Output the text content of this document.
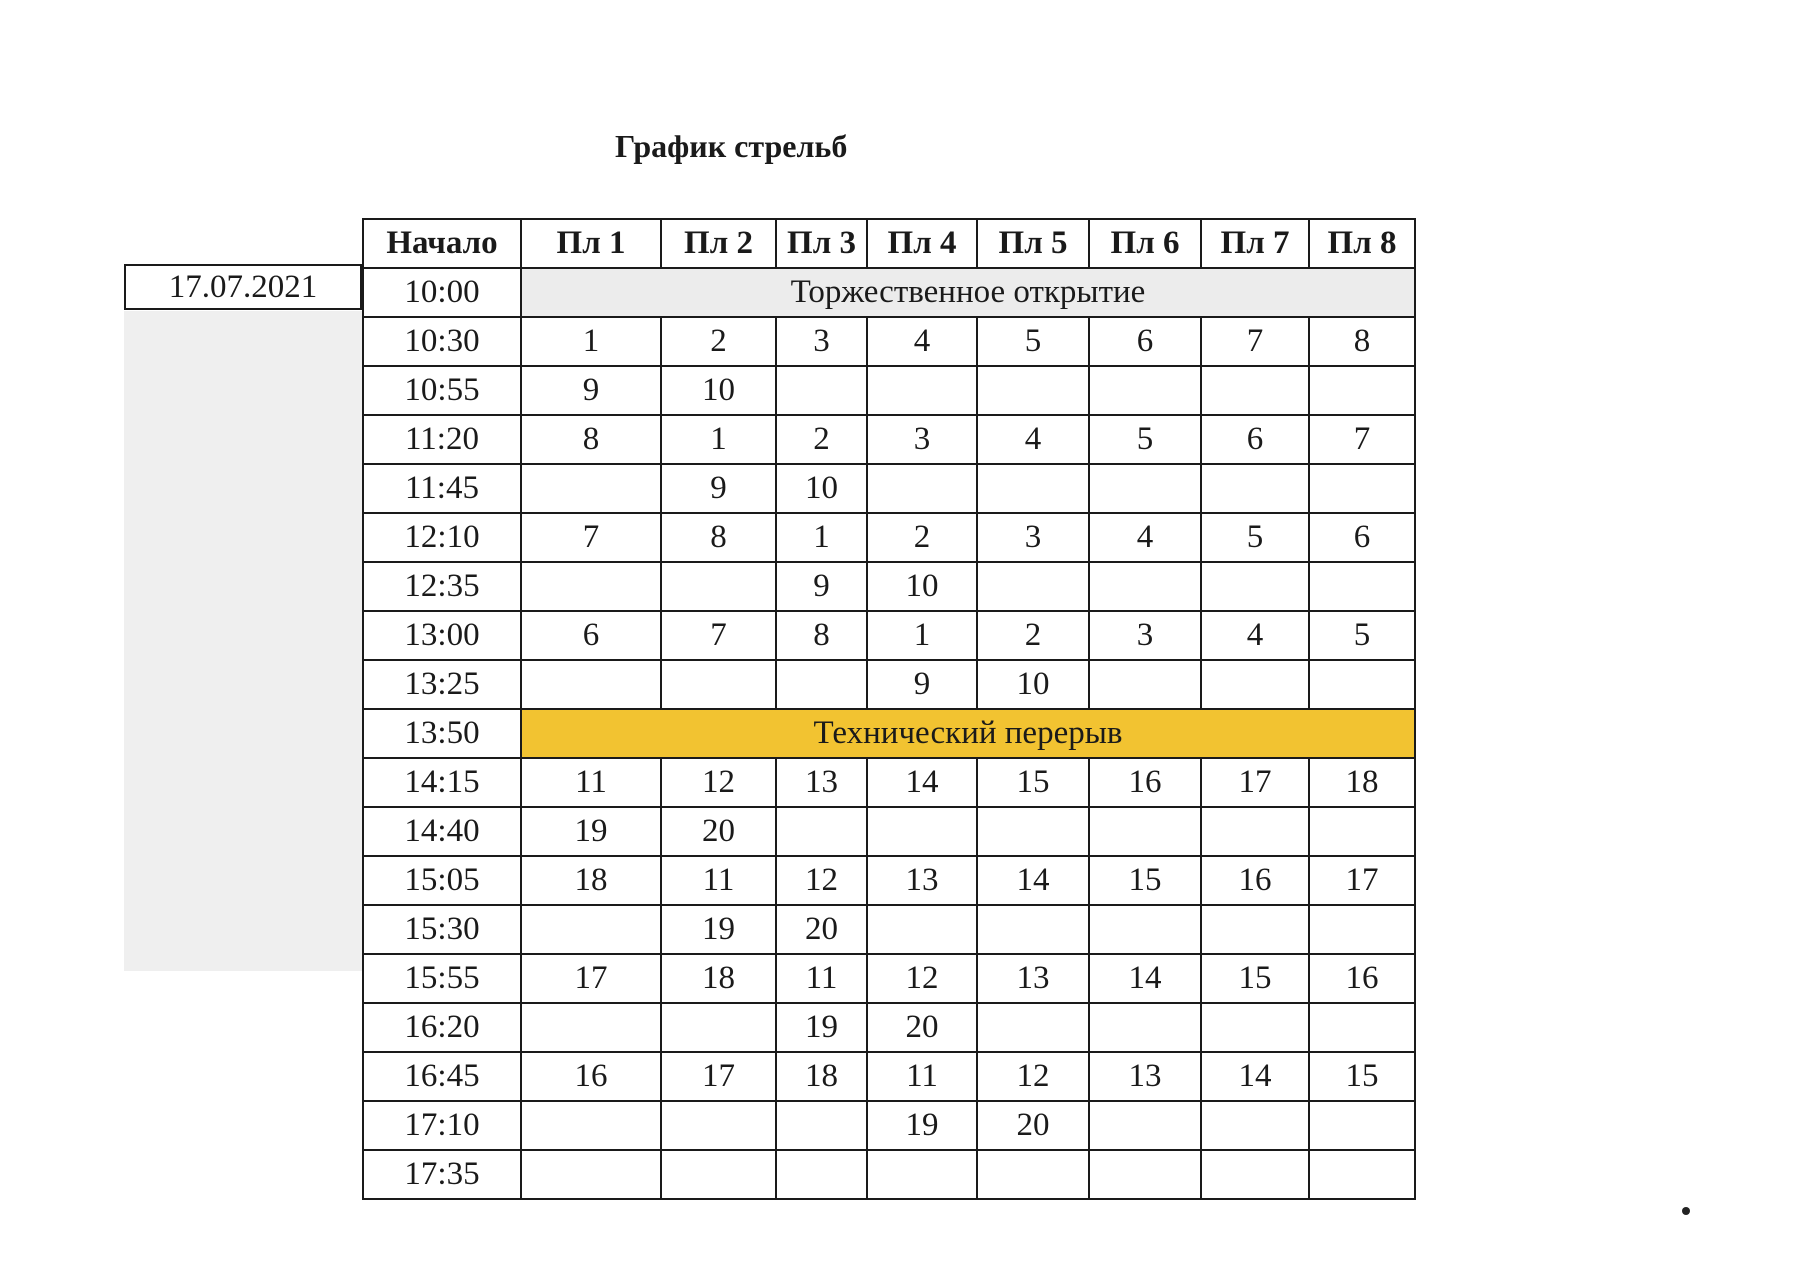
График стрельб
17.07.2021
Начало	Пл 1	Пл 2	Пл 3	Пл 4	Пл 5	Пл 6	Пл 7	Пл 8
10:00	Торжественное открытие							
10:30	1	2	3	4	5	6	7	8
10:55	9	10						
11:20	8	1	2	3	4	5	6	7
11:45		9	10					
12:10	7	8	1	2	3	4	5	6
12:35			9	10				
13:00	6	7	8	1	2	3	4	5
13:25				9	10			
13:50	Технический перерыв							
14:15	11	12	13	14	15	16	17	18
14:40	19	20						
15:05	18	11	12	13	14	15	16	17
15:30		19	20					
15:55	17	18	11	12	13	14	15	16
16:20			19	20				
16:45	16	17	18	11	12	13	14	15
17:10				19	20			
17:35								
